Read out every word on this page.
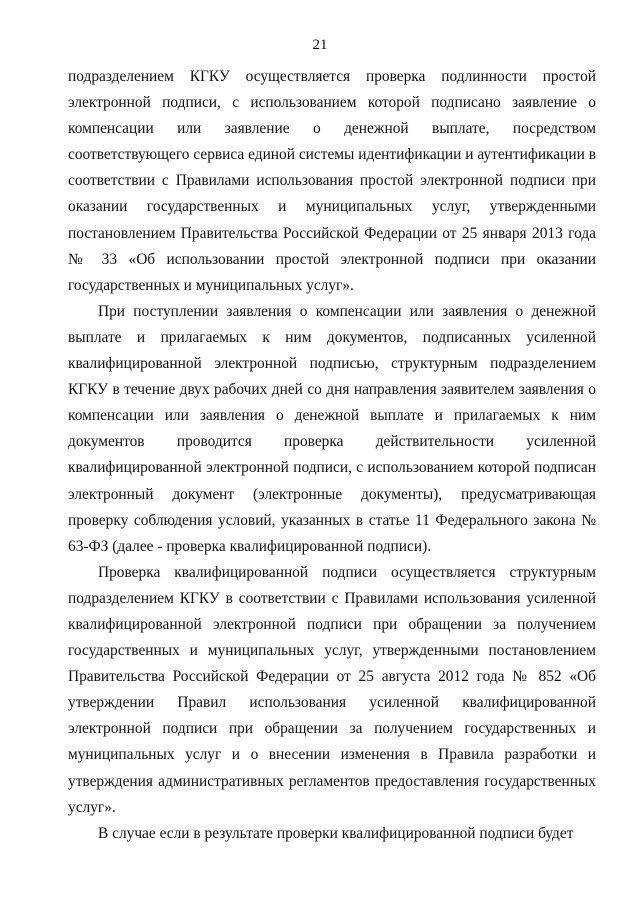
21

подразделением КГКУ осуществляется проверка подлинности простой электронной подписи, с использованием которой подписано заявление о компенсации или заявление о денежной выплате, посредством соответствующего сервиса единой системы идентификации и аутентификации в соответствии с Правилами использования простой электронной подписи при оказании государственных и муниципальных услуг, утвержденными постановлением Правительства Российской Федерации от 25 января 2013 года № 33 «Об использовании простой электронной подписи при оказании государственных и муниципальных услуг».

При поступлении заявления о компенсации или заявления о денежной выплате и прилагаемых к ним документов, подписанных усиленной квалифицированной электронной подписью, структурным подразделением КГКУ в течение двух рабочих дней со дня направления заявителем заявления о компенсации или заявления о денежной выплате и прилагаемых к ним документов проводится проверка действительности усиленной квалифицированной электронной подписи, с использованием которой подписан электронный документ (электронные документы), предусматривающая проверку соблюдения условий, указанных в статье 11 Федерального закона № 63-ФЗ (далее - проверка квалифицированной подписи).

Проверка квалифицированной подписи осуществляется структурным подразделением КГКУ в соответствии с Правилами использования усиленной квалифицированной электронной подписи при обращении за получением государственных и муниципальных услуг, утвержденными постановлением Правительства Российской Федерации от 25 августа 2012 года № 852 «Об утверждении Правил использования усиленной квалифицированной электронной подписи при обращении за получением государственных и муниципальных услуг и о внесении изменения в Правила разработки и утверждения административных регламентов предоставления государственных услуг».

В случае если в результате проверки квалифицированной подписи будет
